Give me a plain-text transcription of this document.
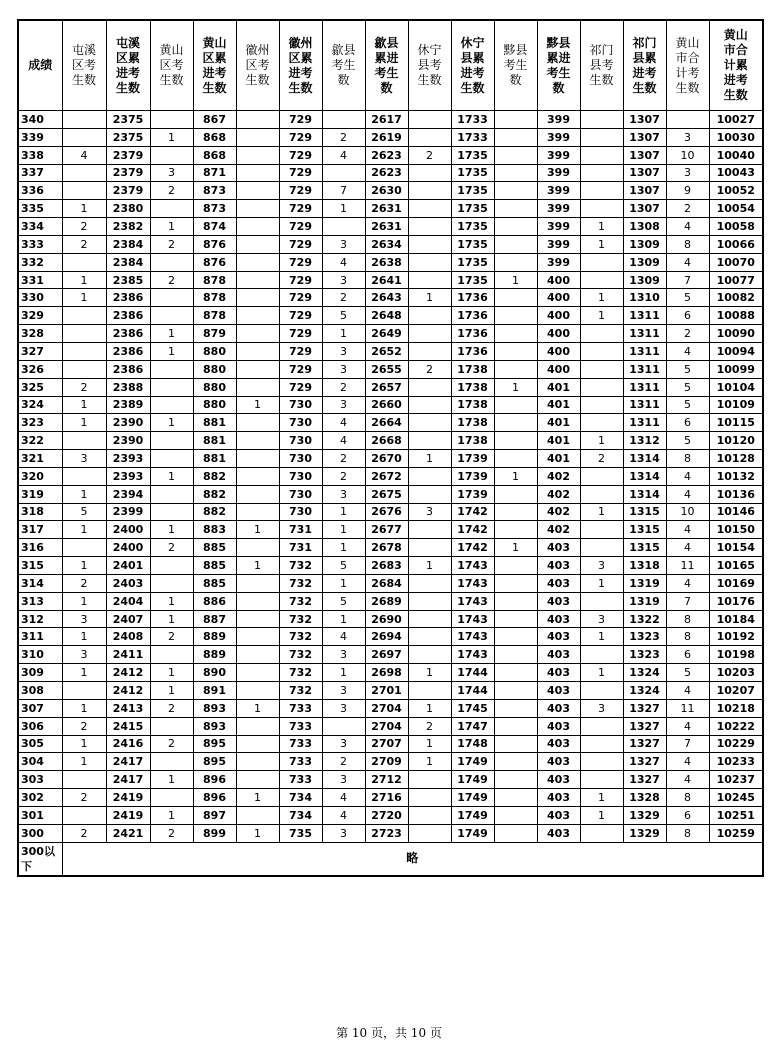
成绩	屯溪区考生数	屯溪区累进考生数	黄山区考生数	黄山区累进考生数	徽州区考生数	徽州区累进考生数	歙县考生数	歙县累进考生数	休宁县考生数	休宁县累进考生数	黟县考生数	黟县累进考生数	祁门县考生数	祁门县累进考生数	黄山市合计考生数	黄山市合计累进考生数
340		2375		867		729		2617		1733		399		1307		10027
339		2375	1	868		729	2	2619		1733		399		1307	3	10030
338	4	2379		868		729	4	2623	2	1735		399		1307	10	10040
337		2379	3	871		729		2623		1735		399		1307	3	10043
336		2379	2	873		729	7	2630		1735		399		1307	9	10052
335	1	2380		873		729	1	2631		1735		399		1307	2	10054
334	2	2382	1	874		729		2631		1735		399	1	1308	4	10058
333	2	2384	2	876		729	3	2634		1735		399	1	1309	8	10066
332		2384		876		729	4	2638		1735		399		1309	4	10070
331	1	2385	2	878		729	3	2641		1735	1	400		1309	7	10077
330	1	2386		878		729	2	2643	1	1736		400	1	1310	5	10082
329		2386		878		729	5	2648		1736		400	1	1311	6	10088
328		2386	1	879		729	1	2649		1736		400		1311	2	10090
327		2386	1	880		729	3	2652		1736		400		1311	4	10094
326		2386		880		729	3	2655	2	1738		400		1311	5	10099
325	2	2388		880		729	2	2657		1738	1	401		1311	5	10104
324	1	2389		880	1	730	3	2660		1738		401		1311	5	10109
323	1	2390	1	881		730	4	2664		1738		401		1311	6	10115
322		2390		881		730	4	2668		1738		401	1	1312	5	10120
321	3	2393		881		730	2	2670	1	1739		401	2	1314	8	10128
320		2393	1	882		730	2	2672		1739	1	402		1314	4	10132
319	1	2394		882		730	3	2675		1739		402		1314	4	10136
318	5	2399		882		730	1	2676	3	1742		402	1	1315	10	10146
317	1	2400	1	883	1	731	1	2677		1742		402		1315	4	10150
316		2400	2	885		731	1	2678		1742	1	403		1315	4	10154
315	1	2401		885	1	732	5	2683	1	1743		403	3	1318	11	10165
314	2	2403		885		732	1	2684		1743		403	1	1319	4	10169
313	1	2404	1	886		732	5	2689		1743		403		1319	7	10176
312	3	2407	1	887		732	1	2690		1743		403	3	1322	8	10184
311	1	2408	2	889		732	4	2694		1743		403	1	1323	8	10192
310	3	2411		889		732	3	2697		1743		403		1323	6	10198
309	1	2412	1	890		732	1	2698	1	1744		403	1	1324	5	10203
308		2412	1	891		732	3	2701		1744		403		1324	4	10207
307	1	2413	2	893	1	733	3	2704	1	1745		403	3	1327	11	10218
306	2	2415		893		733		2704	2	1747		403		1327	4	10222
305	1	2416	2	895		733	3	2707	1	1748		403		1327	7	10229
304	1	2417		895		733	2	2709	1	1749		403		1327	4	10233
303		2417	1	896		733	3	2712		1749		403		1327	4	10237
302	2	2419		896	1	734	4	2716		1749		403	1	1328	8	10245
301		2419	1	897		734	4	2720		1749		403	1	1329	6	10251
300	2	2421	2	899	1	735	3	2723		1749		403		1329	8	10259
300以下	略															
第 10 页，共 10 页
